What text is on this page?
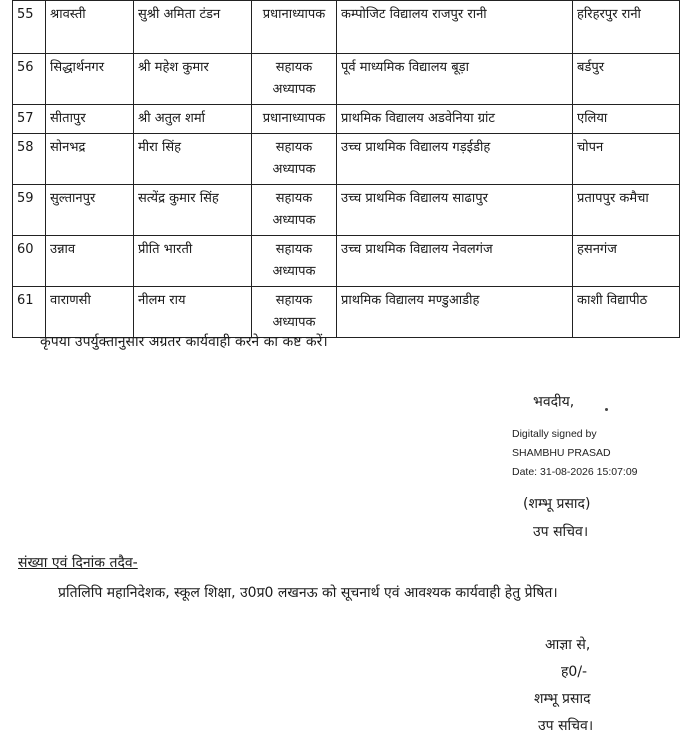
55	श्रावस्ती	सुश्री अमिता टंडन	प्रधानाध्यापक	कम्पोजिट विद्यालय राजपुर रानी	हरिहरपुर रानी
56	सिद्धार्थनगर	श्री महेश कुमार	सहायक अध्यापक	पूर्व माध्यमिक विद्यालय बूड़ा	बर्डपुर
57	सीतापुर	श्री अतुल शर्मा	प्रधानाध्यापक	प्राथमिक विद्यालय अडवेनिया ग्रांट	एलिया
58	सोनभद्र	मीरा सिंह	सहायक अध्यापक	उच्च प्राथमिक विद्यालय गड़ईडीह	चोपन
59	सुल्तानपुर	सत्येंद्र कुमार सिंह	सहायक अध्यापक	उच्च प्राथमिक विद्यालय साढापुर	प्रतापपुर कमैचा
60	उन्नाव	प्रीति भारती	सहायक अध्यापक	उच्च प्राथमिक विद्यालय नेवलगंज	हसनगंज
61	वाराणसी	नीलम राय	सहायक अध्यापक	प्राथमिक विद्यालय मण्डुआडीह	काशी विद्यापीठ
कृपया उपर्युक्तानुसार अग्रतर कार्यवाही करने का कष्ट करें।
भवदीय,
Digitally signed by
SHAMBHU PRASAD
Date: 31-08-2026 15:07:09
(शम्भू प्रसाद)
उप सचिव।
संख्या एवं दिनांक तदैव-
प्रतिलिपि महानिदेशक, स्कूल शिक्षा, उ0प्र0 लखनऊ को सूचनार्थ एवं आवश्यक कार्यवाही हेतु प्रेषित।
आज्ञा से,
ह0/-
शम्भू प्रसाद
उप सचिव।
